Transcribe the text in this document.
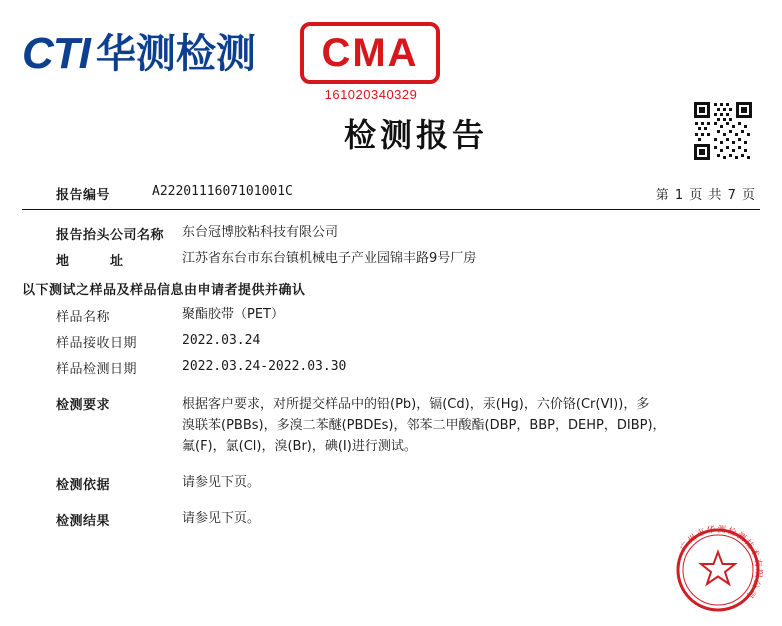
CTI 华测检测 CMA
161020340329
检测报告
报告编号	A2220111607101001C	第 1 页 共 7 页
报告抬头公司名称	东台冠博胶粘科技有限公司
地　址	江苏省东台市东台镇机械电子产业园锦丰路9号厂房
以下测试之样品及样品信息由申请者提供并确认
样品名称	聚酯胶带（PET）
样品接收日期	2022.03.24
样品检测日期	2022.03.24-2022.03.30
检测要求	根据客户要求，对所提交样品中的铅(Pb)，镉(Cd)，汞(Hg)，六价铬(Cr(VI))，多
溴联苯(PBBs)，多溴二苯醚(PBDEs)，邻苯二甲酸酯(DBP，BBP，DEHP，DIBP)，
氟(F)，氯(Cl)，溴(Br)，碘(I)进行测试。
检测依据	请参见下页。
检测结果	请参见下页。
广州市华测检测技术有限公司
